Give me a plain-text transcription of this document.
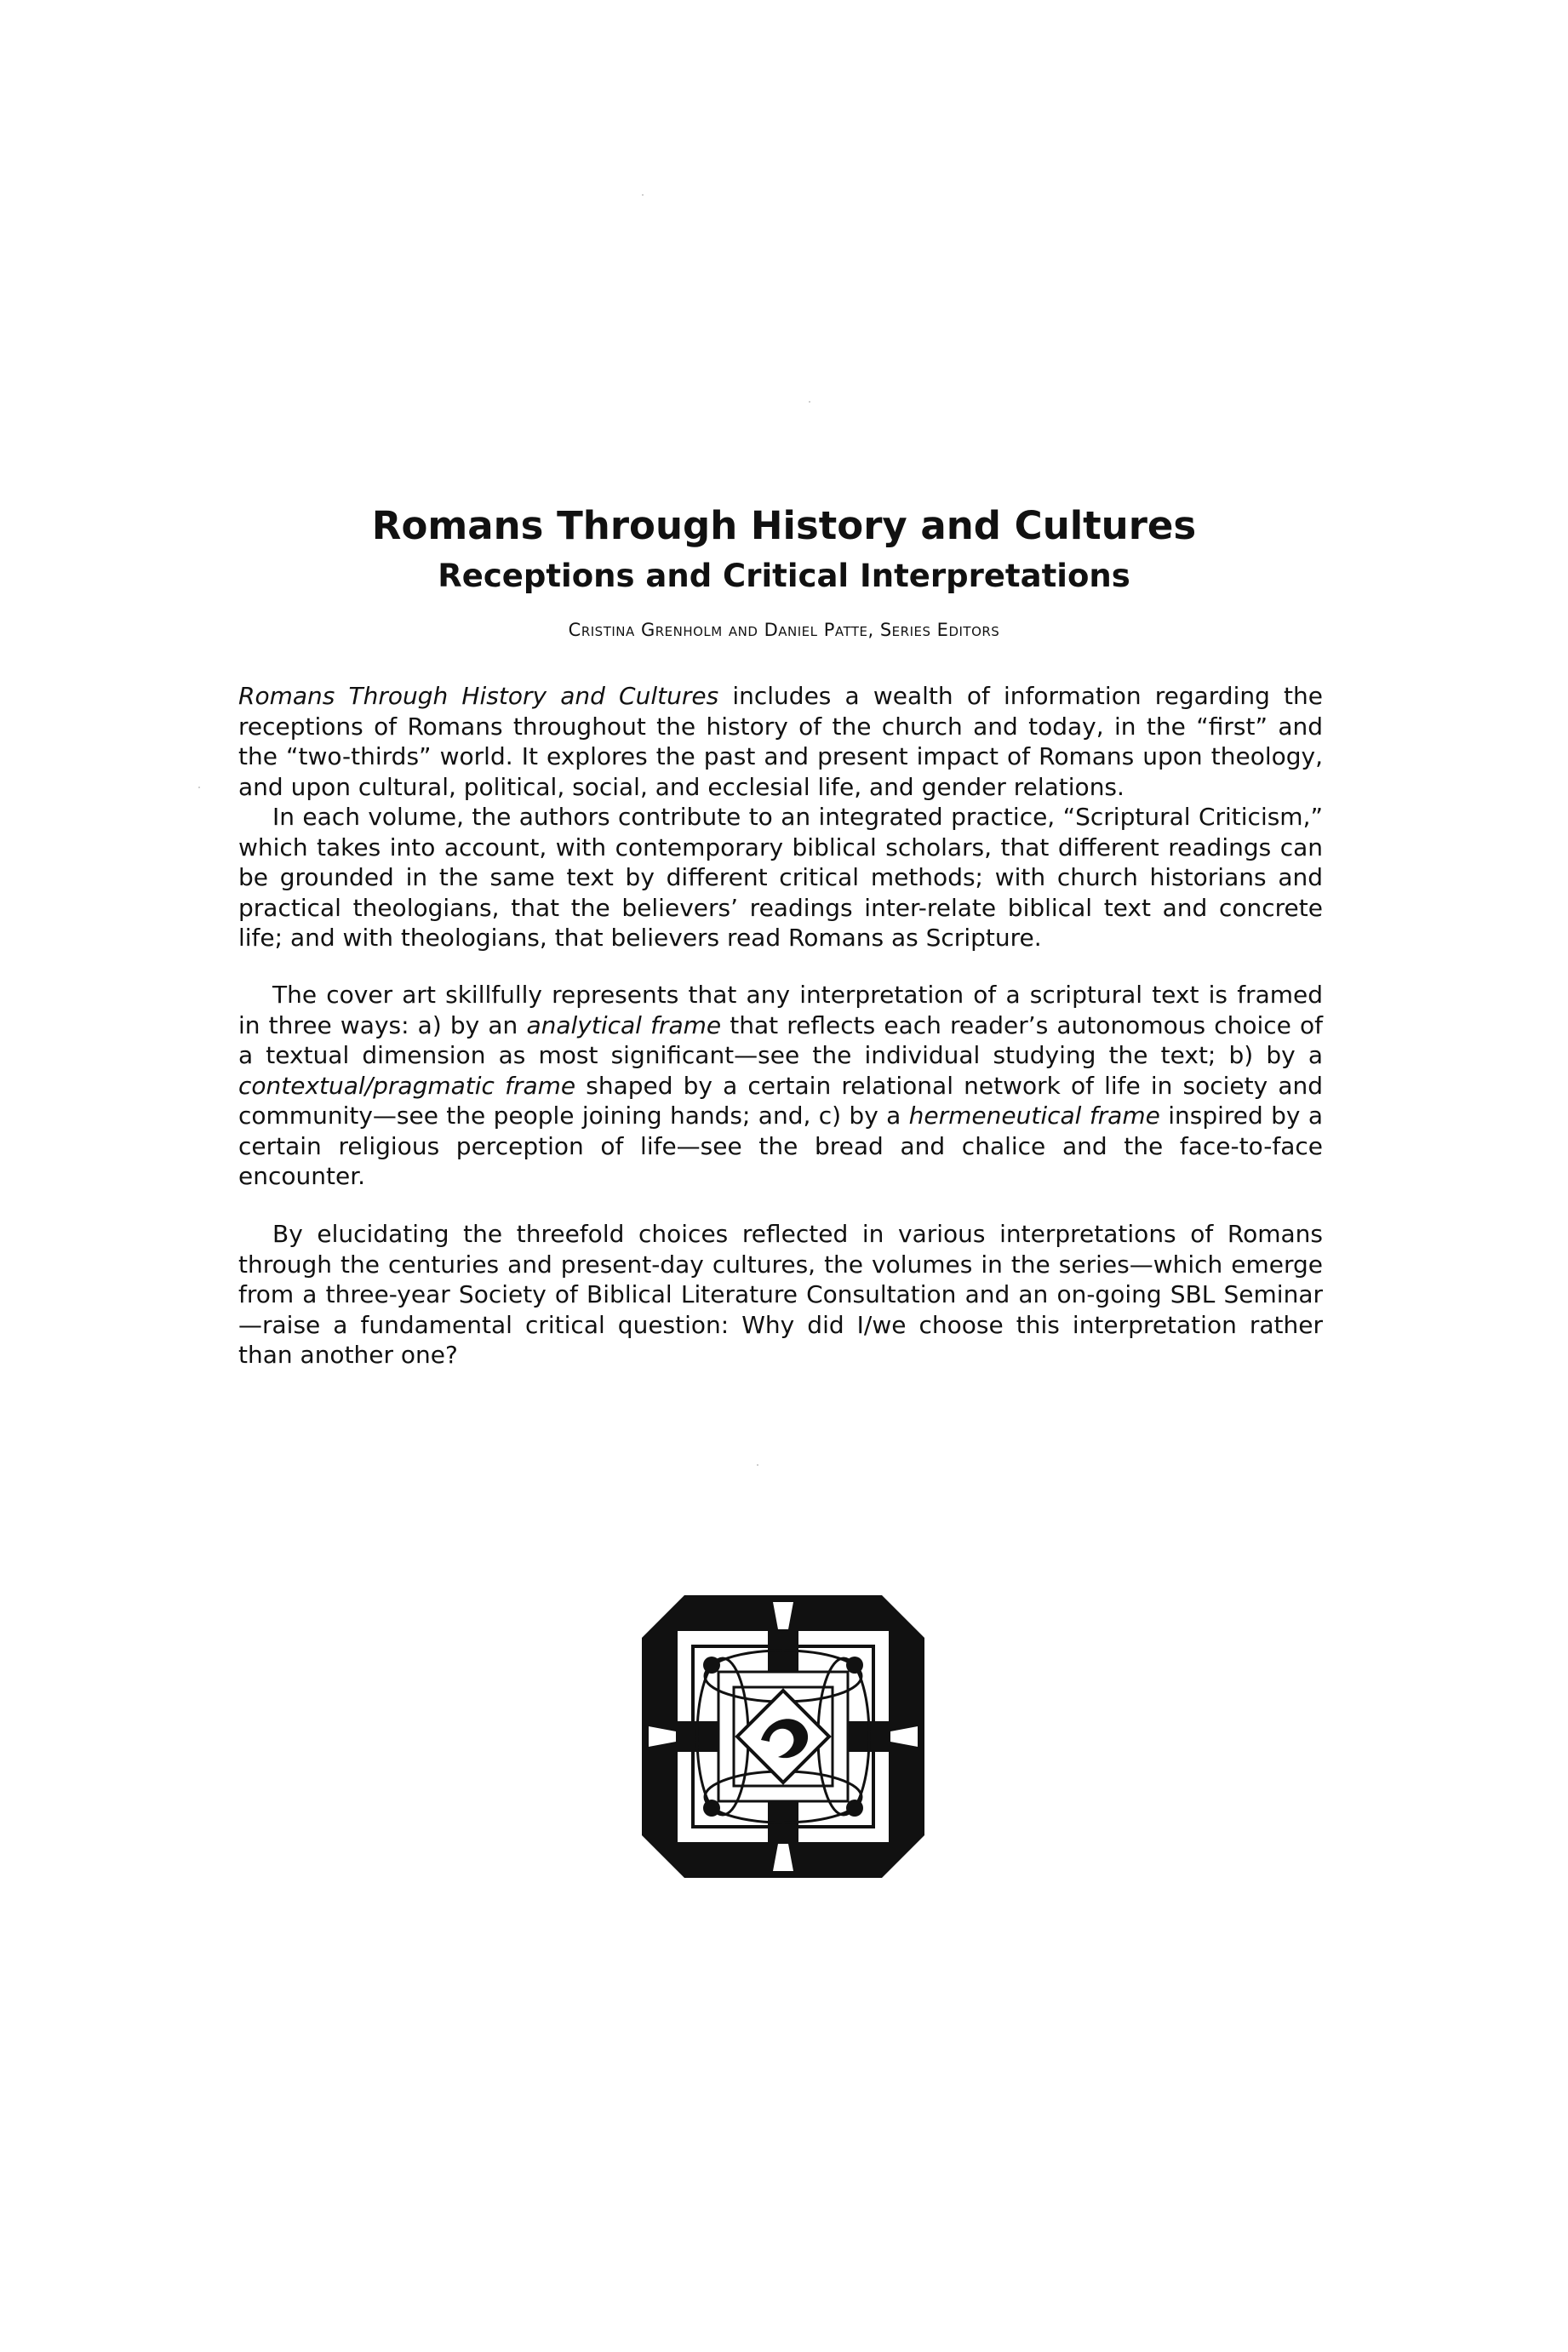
Romans Through History and Cultures
Receptions and Critical Interpretations
Cristina Grenholm and Daniel Patte, Series Editors

Romans Through History and Cultures includes a wealth of information regarding the receptions of Romans throughout the history of the church and today, in the “first” and the “two-thirds” world. It explores the past and present impact of Romans upon theology, and upon cultural, political, social, and ecclesial life, and gender relations.

In each volume, the authors contribute to an integrated practice, “Scriptural Criticism,” which takes into account, with contemporary biblical scholars, that different readings can be grounded in the same text by different critical methods; with church historians and practical theologians, that the believers’ readings inter-relate biblical text and concrete life; and with theologians, that believers read Romans as Scripture.

The cover art skillfully represents that any interpretation of a scriptural text is framed in three ways: a) by an analytical frame that reflects each reader’s autonomous choice of a textual dimension as most significant—see the individual studying the text; b) by a contextual/pragmatic frame shaped by a certain relational network of life in society and community—see the people joining hands; and, c) by a hermeneutical frame inspired by a certain religious perception of life—see the bread and chalice and the face-to-face encounter.

By elucidating the threefold choices reflected in various interpretations of Romans through the centuries and present-day cultures, the volumes in the series—which emerge from a three-year Society of Biblical Literature Consultation and an on-going SBL Seminar—raise a fundamental critical question: Why did I/we choose this interpretation rather than another one?
